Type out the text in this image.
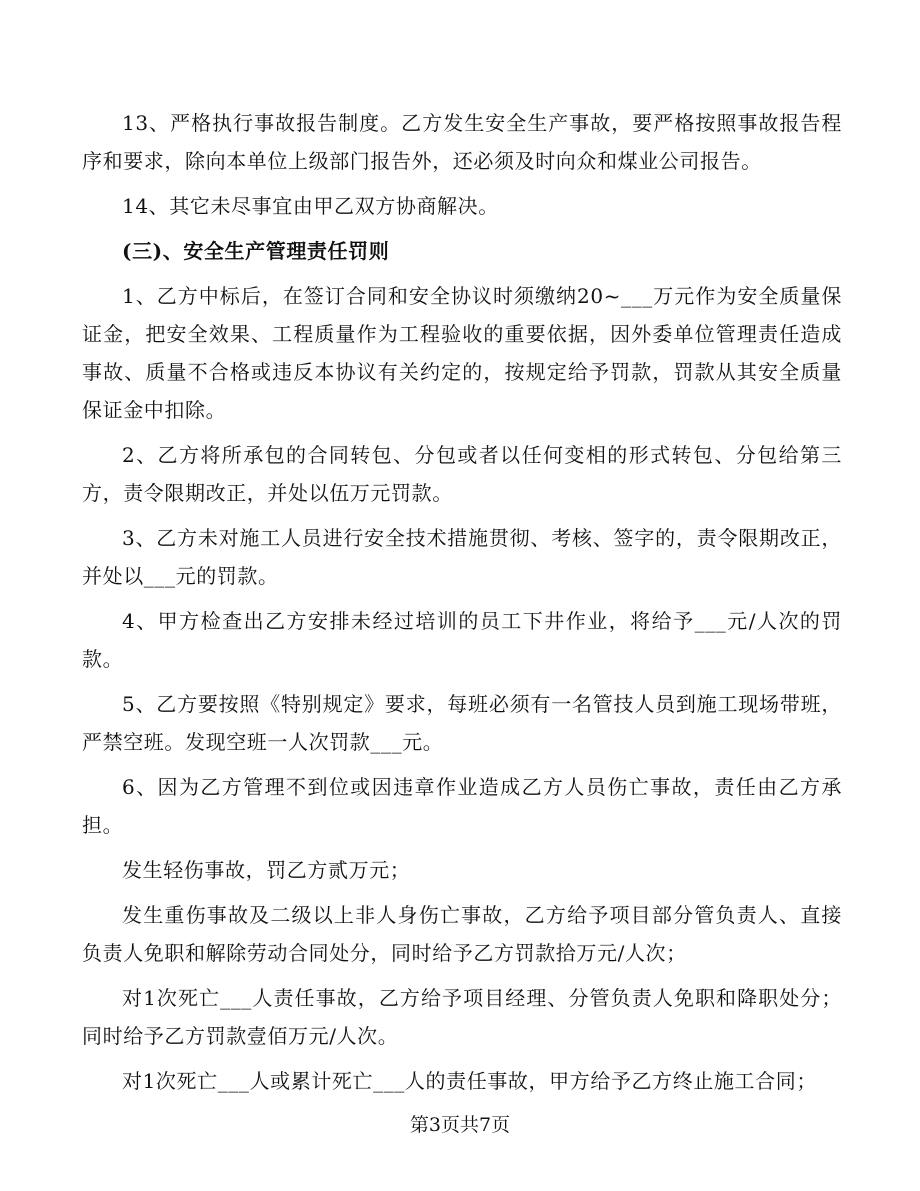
13、严格执行事故报告制度。乙方发生安全生产事故，要严格按照事故报告程序和要求，除向本单位上级部门报告外，还必须及时向众和煤业公司报告。

14、其它未尽事宜由甲乙双方协商解决。

(三)、安全生产管理责任罚则

1、乙方中标后，在签订合同和安全协议时须缴纳20~___万元作为安全质量保证金，把安全效果、工程质量作为工程验收的重要依据，因外委单位管理责任造成事故、质量不合格或违反本协议有关约定的，按规定给予罚款，罚款从其安全质量保证金中扣除。

2、乙方将所承包的合同转包、分包或者以任何变相的形式转包、分包给第三方，责令限期改正，并处以伍万元罚款。

3、乙方未对施工人员进行安全技术措施贯彻、考核、签字的，责令限期改正，并处以___元的罚款。

4、甲方检查出乙方安排未经过培训的员工下井作业，将给予___元/人次的罚款。

5、乙方要按照《特别规定》要求，每班必须有一名管技人员到施工现场带班，严禁空班。发现空班一人次罚款___元。

6、因为乙方管理不到位或因违章作业造成乙方人员伤亡事故，责任由乙方承担。

发生轻伤事故，罚乙方贰万元；

发生重伤事故及二级以上非人身伤亡事故，乙方给予项目部分管负责人、直接负责人免职和解除劳动合同处分，同时给予乙方罚款拾万元/人次；

对1次死亡___人责任事故，乙方给予项目经理、分管负责人免职和降职处分；同时给予乙方罚款壹佰万元/人次。

对1次死亡___人或累计死亡___人的责任事故，甲方给予乙方终止施工合同；

第3页共7页
